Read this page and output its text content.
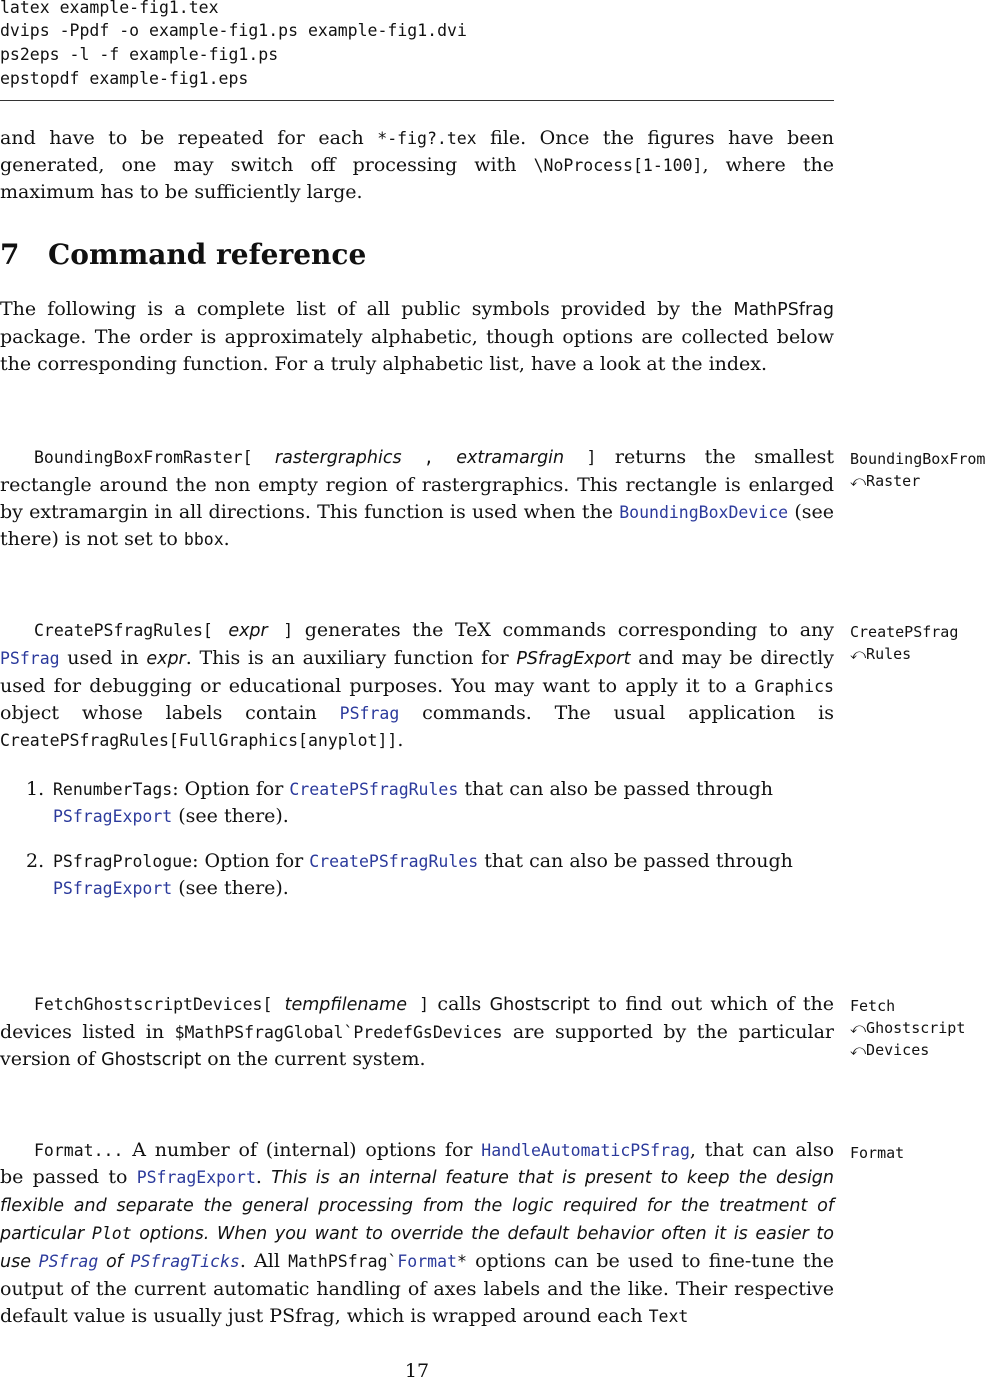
latex example-fig1.tex
dvips -Ppdf -o example-fig1.ps example-fig1.dvi
ps2eps -l -f example-fig1.ps
epstopdf example-fig1.eps

and have to be repeated for each *-fig?.tex file. Once the figures have been generated, one may switch off processing with \NoProcess[1-100], where the maximum has to be sufficiently large.

7 Command reference

The following is a complete list of all public symbols provided by the MathPSfrag package. The order is approximately alphabetic, though options are collected below the corresponding function. For a truly alphabetic list, have a look at the index.

BoundingBoxFrom
⤺Raster

BoundingBoxFromRaster[ rastergraphics , extramargin ] returns the smallest rectangle around the non empty region of rastergraphics. This rectangle is enlarged by extramargin in all directions. This function is used when the BoundingBoxDevice (see there) is not set to bbox.

CreatePSfrag
⤺Rules

CreatePSfragRules[ expr ] generates the TeX commands corresponding to any PSfrag used in expr. This is an auxiliary function for PSfragExport and may be directly used for debugging or educational purposes. You may want to apply it to a Graphics object whose labels contain PSfrag commands. The usual application is CreatePSfragRules[FullGraphics[anyplot]].

1. RenumberTags: Option for CreatePSfragRules that can also be passed through
PSfragExport (see there).
2. PSfragPrologue: Option for CreatePSfragRules that can also be passed through
PSfragExport (see there).
Fetch
⤺Ghostscript
⤺Devices

FetchGhostscriptDevices[ tempfilename ] calls Ghostscript to find out which of the devices listed in $MathPSfragGlobal`PredefGsDevices are supported by the particular version of Ghostscript on the current system.

Format

Format... A number of (internal) options for HandleAutomaticPSfrag, that can also be passed to PSfragExport. This is an internal feature that is present to keep the design flexible and separate the general processing from the logic required for the treatment of particular Plot options. When you want to override the default behavior often it is easier to use PSfrag of PSfragTicks. All MathPSfrag`Format* options can be used to fine-tune the output of the current automatic handling of axes labels and the like. Their respective default value is usually just PSfrag, which is wrapped around each Text

17
